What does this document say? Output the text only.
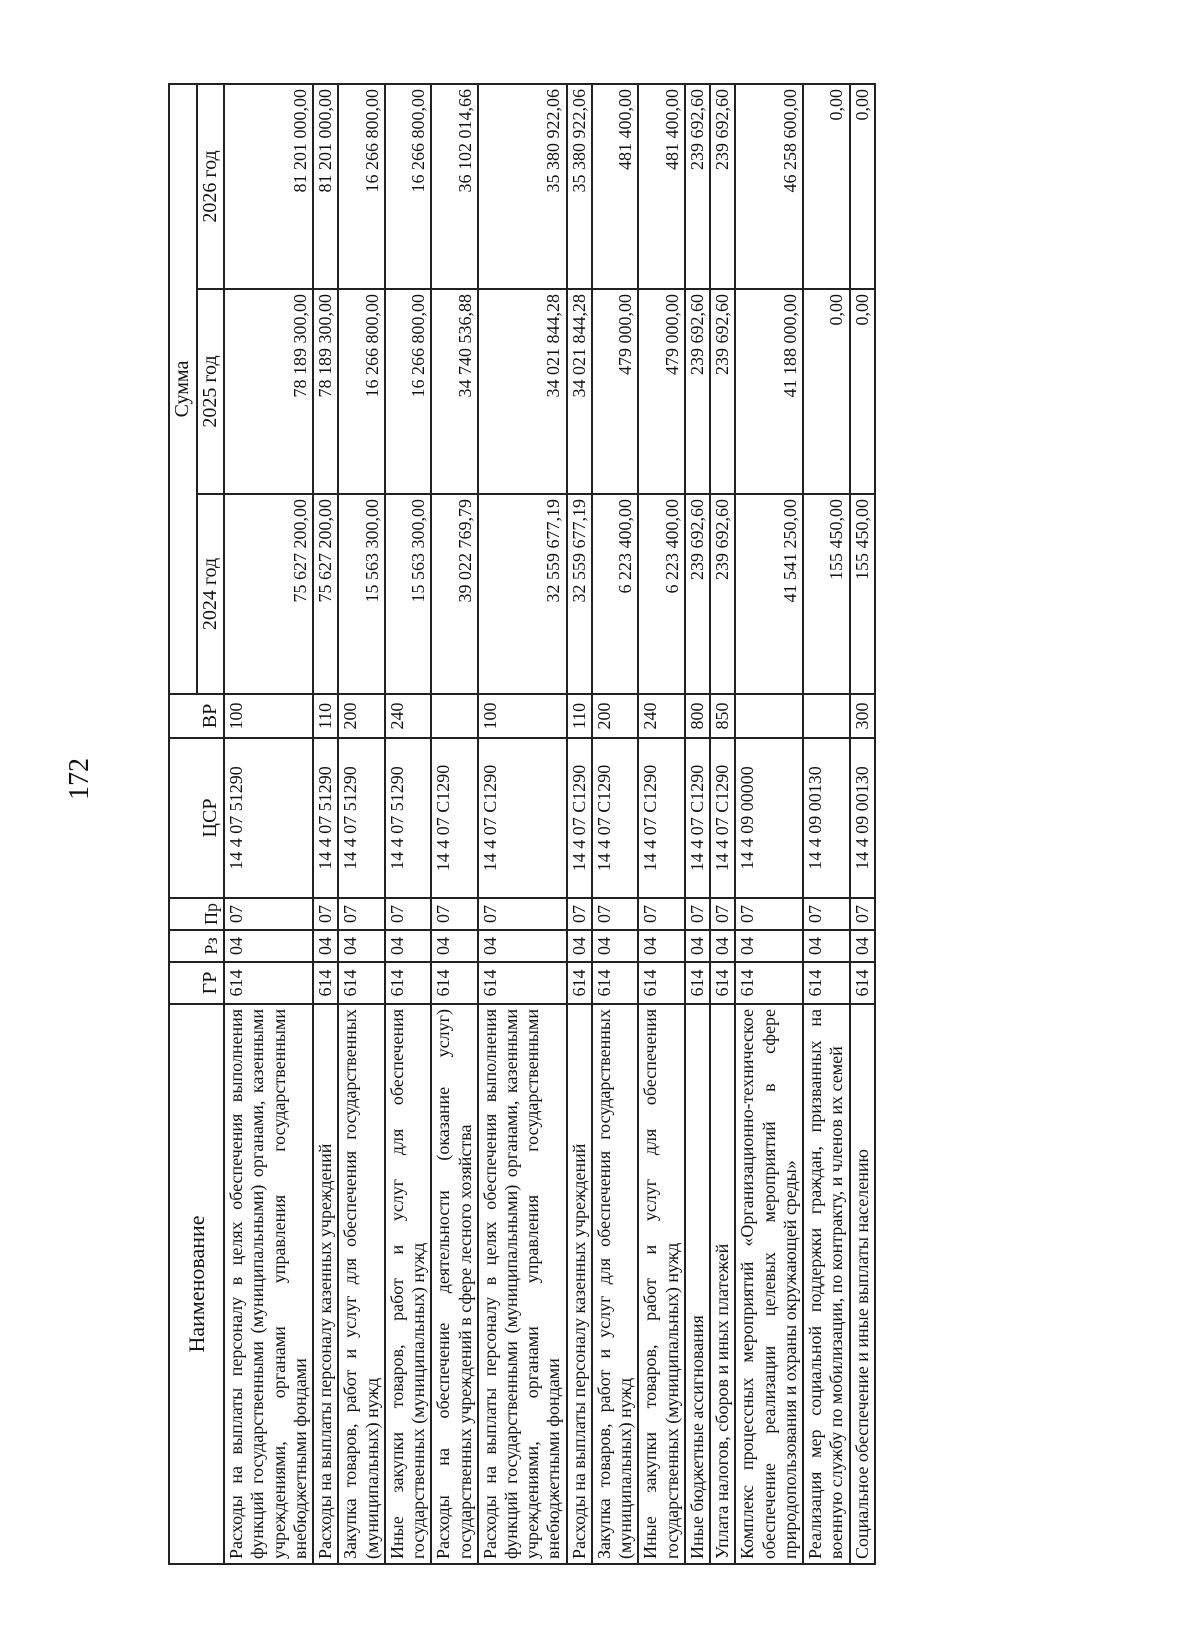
172
Наименование	ГР	Рз	Пр	ЦСР	ВР	Сумма		
						2024 год	2025 год	2026 год
Расходы на выплаты персоналу в целях обеспечения выполнения функций государственными (муниципальными) органами, казенными учреждениями, органами управления государственными внебюджетными фондами	614	04	07	14 4 07 51290	100	75 627 200,00	78 189 300,00	81 201 000,00
Расходы на выплаты персоналу казенных учреждений	614	04	07	14 4 07 51290	110	75 627 200,00	78 189 300,00	81 201 000,00
Закупка товаров, работ и услуг для обеспечения государственных (муниципальных) нужд	614	04	07	14 4 07 51290	200	15 563 300,00	16 266 800,00	16 266 800,00
Иные закупки товаров, работ и услуг для обеспечения государственных (муниципальных) нужд	614	04	07	14 4 07 51290	240	15 563 300,00	16 266 800,00	16 266 800,00
Расходы на обеспечение деятельности (оказание услуг) государственных учреждений в сфере лесного хозяйства	614	04	07	14 4 07 С1290		39 022 769,79	34 740 536,88	36 102 014,66
Расходы на выплаты персоналу в целях обеспечения выполнения функций государственными (муниципальными) органами, казенными учреждениями, органами управления государственными внебюджетными фондами	614	04	07	14 4 07 С1290	100	32 559 677,19	34 021 844,28	35 380 922,06
Расходы на выплаты персоналу казенных учреждений	614	04	07	14 4 07 С1290	110	32 559 677,19	34 021 844,28	35 380 922,06
Закупка товаров, работ и услуг для обеспечения государственных (муниципальных) нужд	614	04	07	14 4 07 С1290	200	6 223 400,00	479 000,00	481 400,00
Иные закупки товаров, работ и услуг для обеспечения государственных (муниципальных) нужд	614	04	07	14 4 07 С1290	240	6 223 400,00	479 000,00	481 400,00
Иные бюджетные ассигнования	614	04	07	14 4 07 С1290	800	239 692,60	239 692,60	239 692,60
Уплата налогов, сборов и иных платежей	614	04	07	14 4 07 С1290	850	239 692,60	239 692,60	239 692,60
Комплекс процессных мероприятий «Организационно-техническое обеспечение реализации целевых мероприятий в сфере природопользования и охраны окружающей среды»	614	04	07	14 4 09 00000		41 541 250,00	41 188 000,00	46 258 600,00
Реализация мер социальной поддержки граждан, призванных на военную службу по мобилизации, по контракту, и членов их семей	614	04	07	14 4 09 00130		155 450,00	0,00	0,00
Социальное обеспечение и иные выплаты населению	614	04	07	14 4 09 00130	300	155 450,00	0,00	0,00
